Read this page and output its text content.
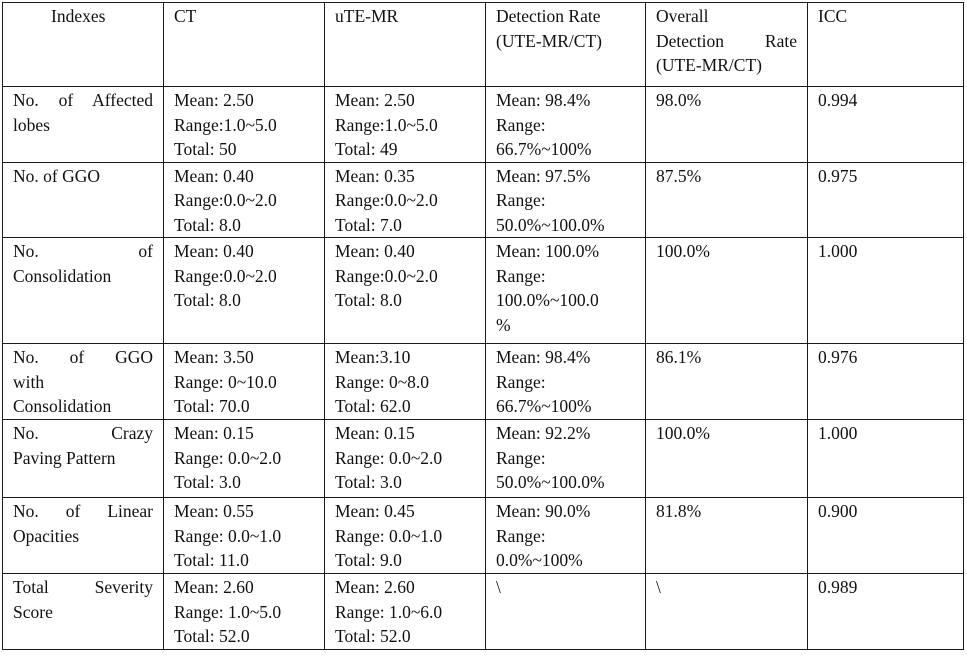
Indexes	CT	uTE-MR	Detection Rate
(UTE-MR/CT)	Overall
Detection Rate
(UTE-MR/CT)	ICC

No. of Affected
lobes	Mean: 2.50
Range:1.0~5.0
Total: 50	Mean: 2.50
Range:1.0~5.0
Total: 49	Mean: 98.4%
Range:
66.7%~100%	98.0%	0.994

No. of GGO	Mean: 0.40
Range:0.0~2.0
Total: 8.0	Mean: 0.35
Range:0.0~2.0
Total: 7.0	Mean: 97.5%
Range:
50.0%~100.0%	87.5%	0.975

No. of
Consolidation	Mean: 0.40
Range:0.0~2.0
Total: 8.0	Mean: 0.40
Range:0.0~2.0
Total: 8.0	Mean: 100.0%
Range:
100.0%~100.0
%	100.0%	1.000

No. of GGO
with
Consolidation	Mean: 3.50
Range: 0~10.0
Total: 70.0	Mean:3.10
Range: 0~8.0
Total: 62.0	Mean: 98.4%
Range:
66.7%~100%	86.1%	0.976

No. Crazy
Paving Pattern	Mean: 0.15
Range: 0.0~2.0
Total: 3.0	Mean: 0.15
Range: 0.0~2.0
Total: 3.0	Mean: 92.2%
Range:
50.0%~100.0%	100.0%	1.000

No. of Linear
Opacities	Mean: 0.55
Range: 0.0~1.0
Total: 11.0	Mean: 0.45
Range: 0.0~1.0
Total: 9.0	Mean: 90.0%
Range:
0.0%~100%	81.8%	0.900

Total Severity
Score	Mean: 2.60
Range: 1.0~5.0
Total: 52.0	Mean: 2.60
Range: 1.0~6.0
Total: 52.0	\	\	0.989
